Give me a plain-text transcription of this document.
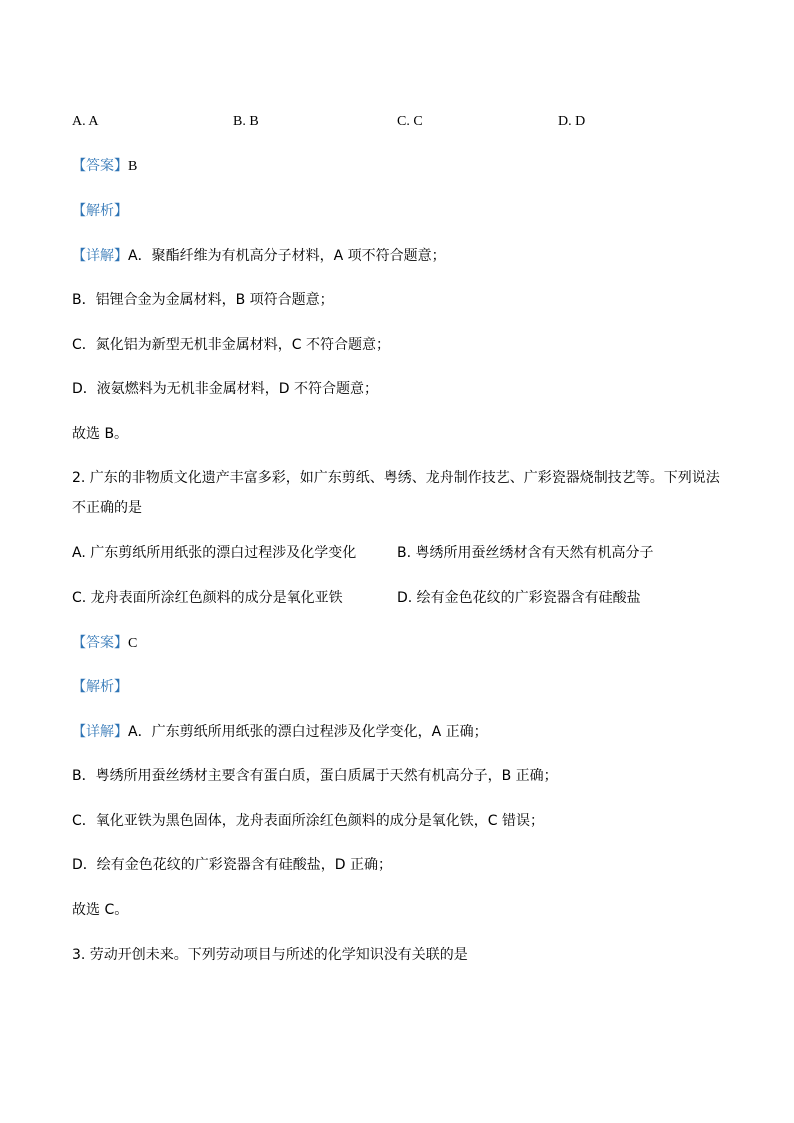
A. A	B. B	C. C	D. D
【答案】B
【解析】
【详解】A．聚酯纤维为有机高分子材料，A 项不符合题意；
B．铝锂合金为金属材料，B 项符合题意；
C．氮化铝为新型无机非金属材料，C 不符合题意；
D．液氨燃料为无机非金属材料，D 不符合题意；
故选 B。
2. 广东的非物质文化遗产丰富多彩，如广东剪纸、粤绣、龙舟制作技艺、广彩瓷器烧制技艺等。下列说法
不正确的是
A. 广东剪纸所用纸张的漂白过程涉及化学变化	B. 粤绣所用蚕丝绣材含有天然有机高分子
C. 龙舟表面所涂红色颜料的成分是氧化亚铁	D. 绘有金色花纹的广彩瓷器含有硅酸盐
【答案】C
【解析】
【详解】A．广东剪纸所用纸张的漂白过程涉及化学变化，A 正确；
B．粤绣所用蚕丝绣材主要含有蛋白质，蛋白质属于天然有机高分子，B 正确；
C．氧化亚铁为黑色固体，龙舟表面所涂红色颜料的成分是氧化铁，C 错误；
D．绘有金色花纹的广彩瓷器含有硅酸盐，D 正确；
故选 C。
3. 劳动开创未来。下列劳动项目与所述的化学知识没有关联的是
